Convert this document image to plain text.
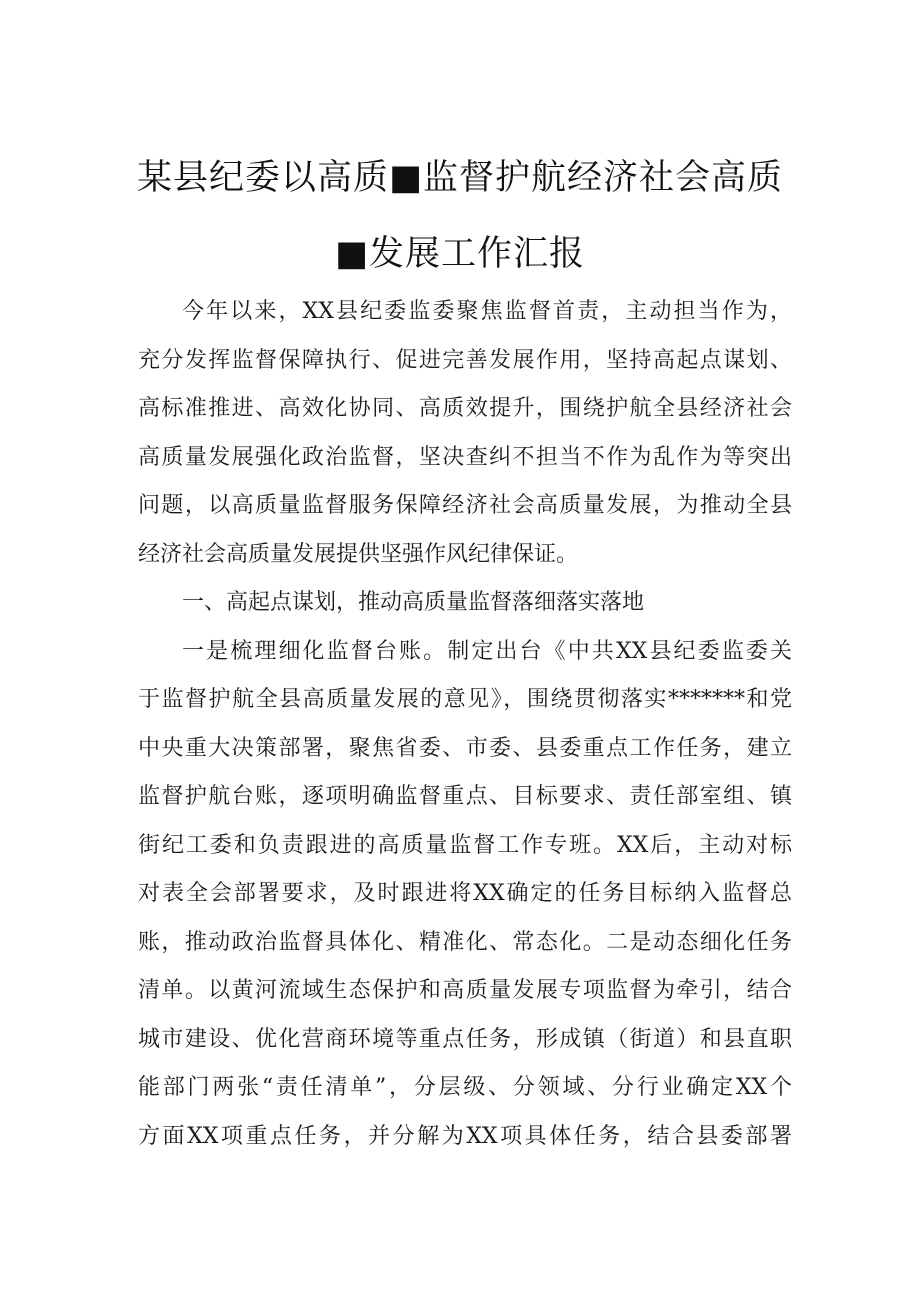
某县纪委以高质■监督护航经济社会高质
■发展工作汇报
今年以来，XX县纪委监委聚焦监督首责，主动担当作为，
充分发挥监督保障执行、促进完善发展作用，坚持高起点谋划、
高标准推进、高效化协同、高质效提升，围绕护航全县经济社会
高质量发展强化政治监督，坚决查纠不担当不作为乱作为等突出
问题，以高质量监督服务保障经济社会高质量发展，为推动全县
经济社会高质量发展提供坚强作风纪律保证。
一、高起点谋划，推动高质量监督落细落实落地
一是梳理细化监督台账。制定出台《中共XX县纪委监委关
于监督护航全县高质量发展的意见》，围绕贯彻落实*******和党
中央重大决策部署，聚焦省委、市委、县委重点工作任务，建立
监督护航台账，逐项明确监督重点、目标要求、责任部室组、镇
街纪工委和负责跟进的高质量监督工作专班。XX后，主动对标
对表全会部署要求，及时跟进将XX确定的任务目标纳入监督总
账，推动政治监督具体化、精准化、常态化。二是动态细化任务
清单。以黄河流域生态保护和高质量发展专项监督为牵引，结合
城市建设、优化营商环境等重点任务，形成镇（街道）和县直职
能部门两张“责任清单”，分层级、分领域、分行业确定XX个
方面XX项重点任务，并分解为XX项具体任务，结合县委部署
